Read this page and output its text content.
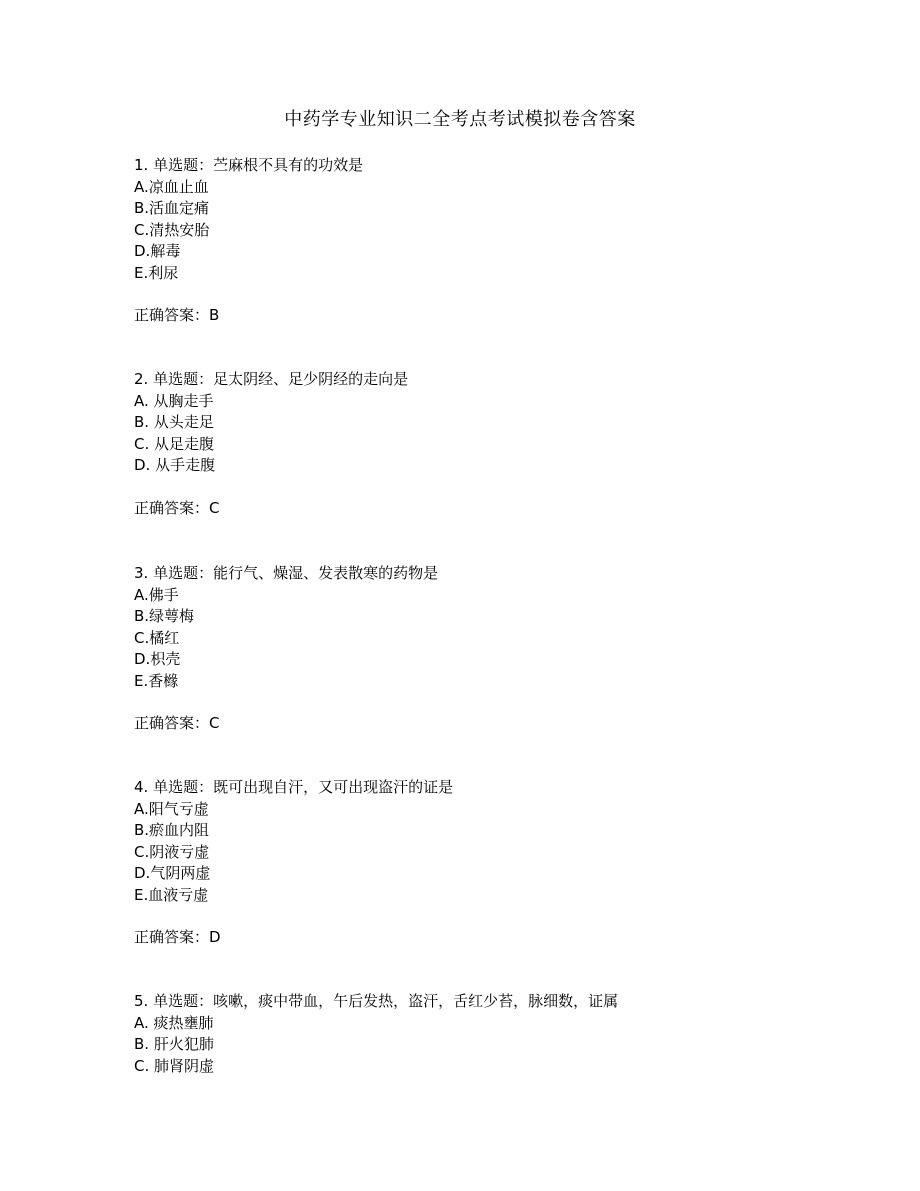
中药学专业知识二全考点考试模拟卷含答案
1. 单选题：苎麻根不具有的功效是
A.凉血止血
B.活血定痛
C.清热安胎
D.解毒
E.利尿
正确答案：B
2. 单选题：足太阴经、足少阴经的走向是
A. 从胸走手
B. 从头走足
C. 从足走腹
D. 从手走腹
正确答案：C
3. 单选题：能行气、燥湿、发表散寒的药物是
A.佛手
B.绿萼梅
C.橘红
D.枳壳
E.香橼
正确答案：C
4. 单选题：既可出现自汗，又可出现盗汗的证是
A.阳气亏虚
B.瘀血内阻
C.阴液亏虚
D.气阴两虚
E.血液亏虚
正确答案：D
5. 单选题：咳嗽，痰中带血，午后发热，盗汗，舌红少苔，脉细数，证属
A. 痰热壅肺
B. 肝火犯肺
C. 肺肾阴虚
